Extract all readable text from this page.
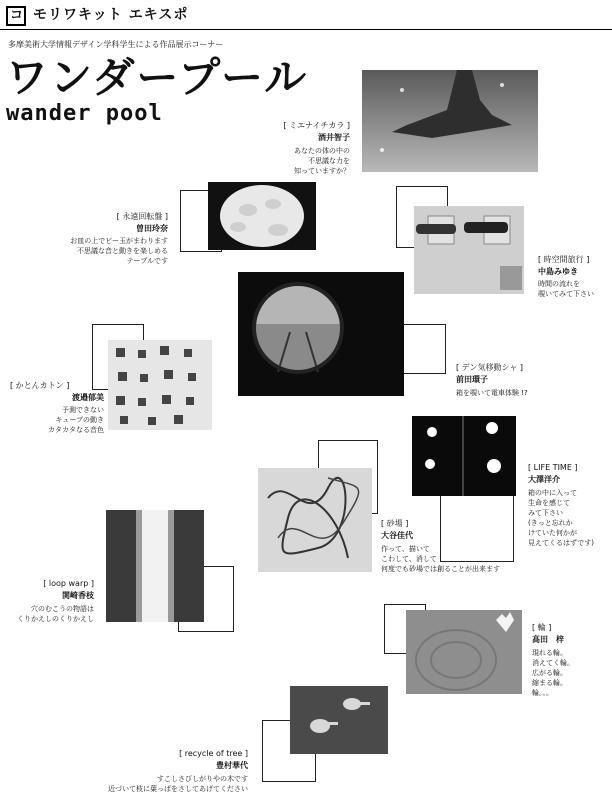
コ モリワキット エキスポ
多摩美術大学情報デザイン学科学生による作品展示コーナー
ワンダープール
wander pool	[ ミエナイチカラ ]
酒井智子
あなたの体の中の
不思議な力を
知っていますか？
[ 永遠回転盤 ]
曽田玲奈
お皿の上でビー玉がまわります
不思議な音と動きを楽しめる
テーブルです	[ 時空間旅行 ]
中島みゆき
時間の流れを
覗いてみて下さい
[ デン気移動シャ ]
前田環子
箱を覗いて電車体験 !?
[ かとんカトン ]
渡邉郁美
予測できない
キューブの動き
カタカタなる音色
[ LIFE TIME ]
大澤洋介
箱の中に入って
生命を感じて
みて下さい
(きっと忘れか
けていた何かが
見えてくるはずです)
[ 砂場 ]
大谷佳代
作って、描いて
こわして、消して
何度でも砂場では創ることが出来ます
[ loop warp ]
関崎香枝
穴のむこうの物語は
くりかえしのくりかえし
[ 輪 ]
高田　梓
現れる輪。
消えてく輪。
広がる輪。
縮まる輪。
輪。。。
[ recycle of tree ]
豊村華代
すこしさびしがりやの木です
近づいて枝に葉っぱをさしてあげてください
